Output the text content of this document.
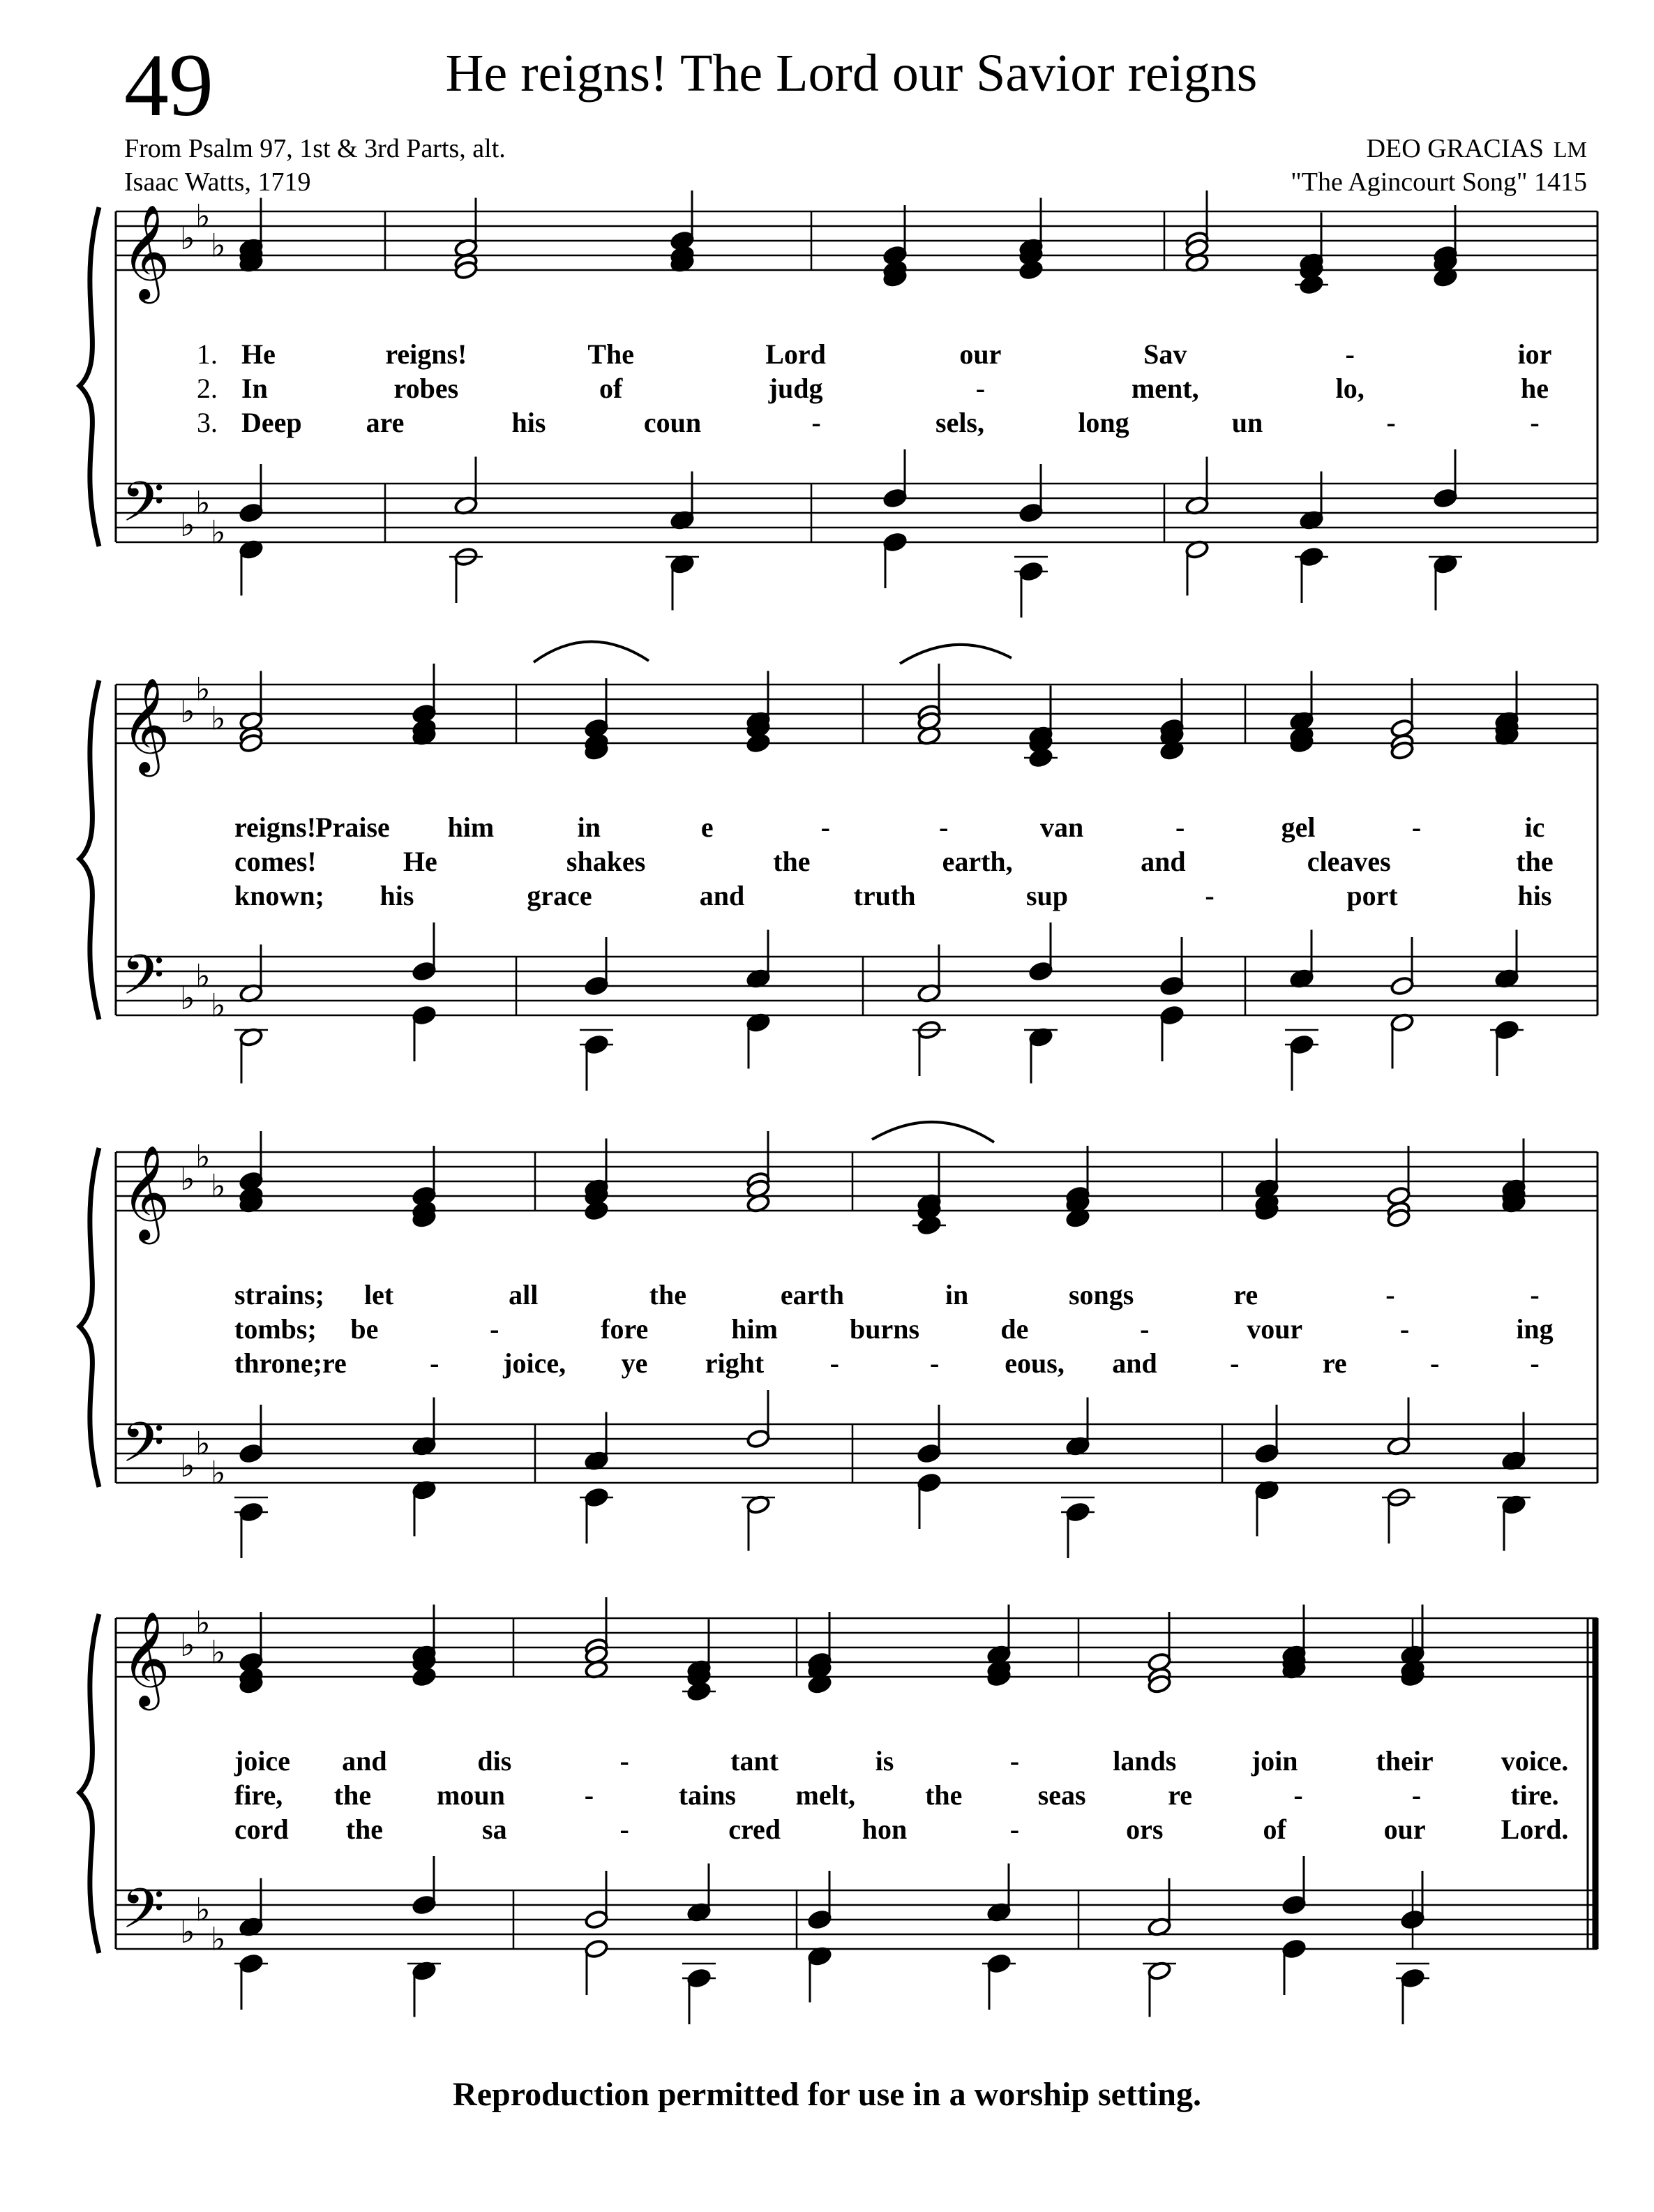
49	He reigns! The Lord our Savior reigns
From Psalm 97, 1st & 3rd Parts, alt.
Isaac Watts, 1719
DEO GRACIAS LM
"The Agincourt Song" 1415
𝄞
𝄢
♭
♭
♭
♭
♭
♭
1. He	reigns!	The	Lord	our	Sav	-	ior
2. In	robes	of	judg	-	ment,	lo,	he
3. Deep are	his	coun	-	sels,	long	un	-	-
𝄞
𝄢
♭
♭
♭
♭
♭
♭
reigns! Praise him	in	e	-	-	van	-	gel	-	ic
comes!	He	shakes	the	earth,	and	cleaves	the
known; his	grace	and	truth	sup	-	port	his
𝄞
𝄢
♭
♭
♭
♭
♭
♭
strains; let	all	the	earth	in	songs	re	-	-
tombs; be	-	fore	him	burns	de	-	vour	-	ing
throne; re	- joice, ye right -	- eous, and	-	re	-	-
𝄞
𝄢
♭
♭
♭
♭
♭
♭
joice and	dis	-	tant	is	-	lands	join	their voice.
fire, the moun	-	tains melt,	the	seas	re	-	-	tire.
cord the	sa	-	cred	hon	-	ors	of	our	Lord.
Reproduction permitted for use in a worship setting.
